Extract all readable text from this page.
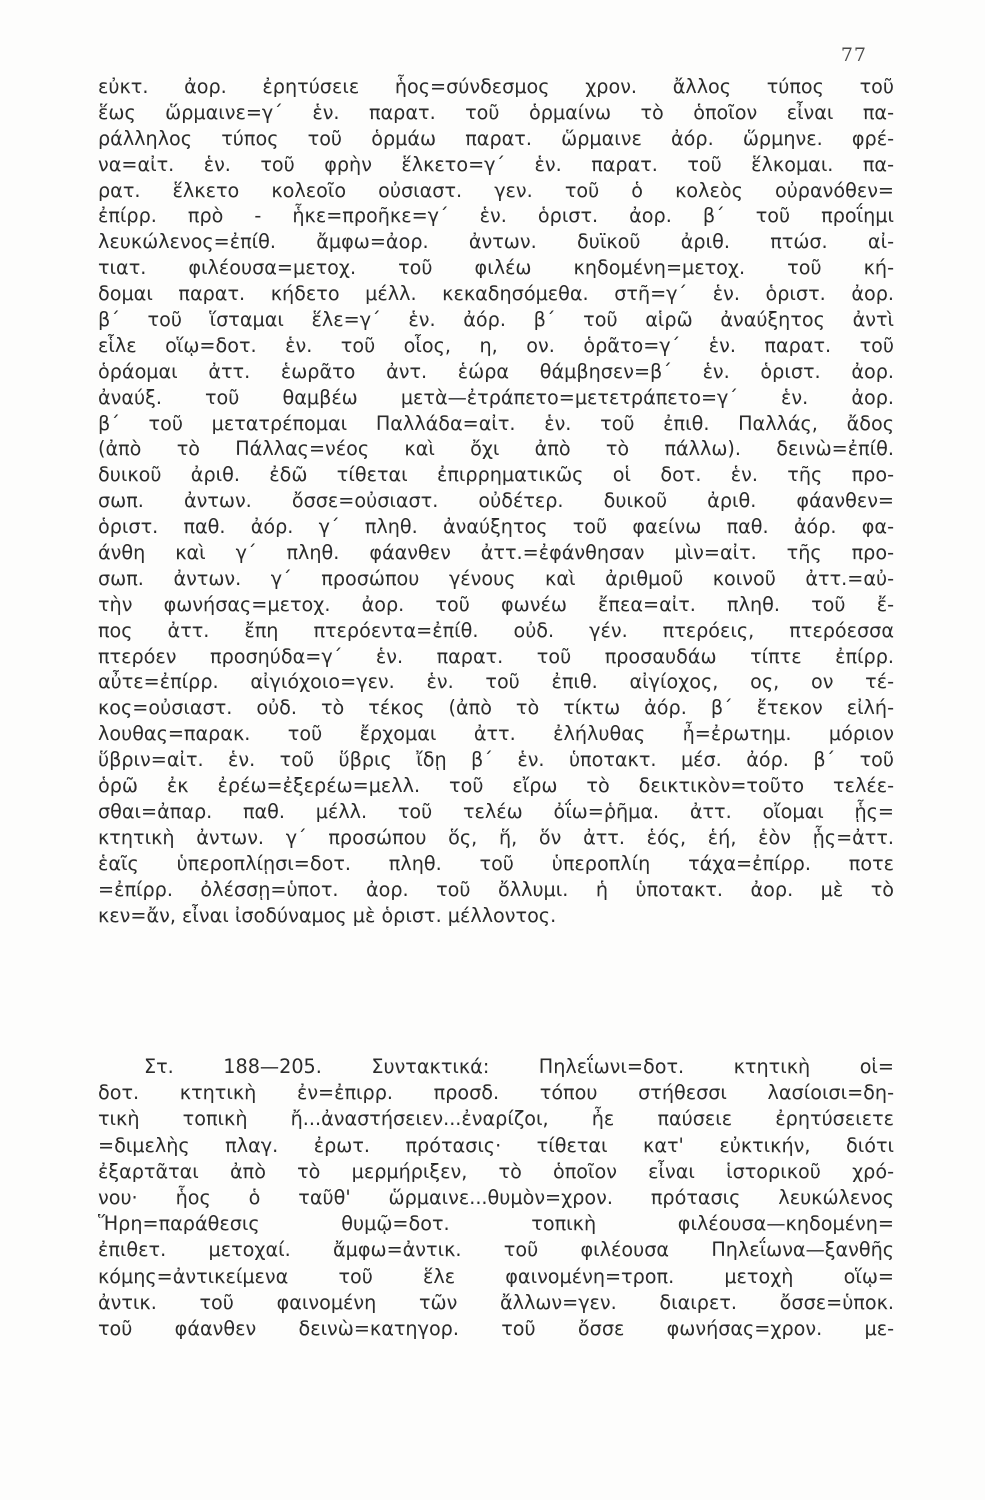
77
εὐκτ. ἀορ. ἐρητύσειε ἧος=σύνδεσμος χρον. ἄλλος τύπος τοῦ
ἕως ὥρμαινε=γ΄ ἑν. παρατ. τοῦ ὁρμαίνω τὸ ὁποῖον εἶναι πα-
ράλληλος τύπος τοῦ ὁρμάω παρατ. ὥρμαινε ἀόρ. ὥρμηνε. φρέ-
να=αἰτ. ἑν. τοῦ φρὴν ἕλκετο=γ΄ ἑν. παρατ. τοῦ ἕλκομαι. πα-
ρατ. ἕλκετο κολεοῖο οὐσιαστ. γεν. τοῦ ὁ κολεὸς οὐρανόθεν=
ἐπίρρ. πρὸ - ἧκε=προῆκε=γ΄ ἑν. ὁριστ. ἀορ. β΄ τοῦ προΐημι
λευκώλενος=ἐπίθ. ἄμφω=ἀορ. ἀντων. δυϊκοῦ ἀριθ. πτώσ. αἰ-
τιατ. φιλέουσα=μετοχ. τοῦ φιλέω κηδομένη=μετοχ. τοῦ κή-
δομαι παρατ. κήδετο μέλλ. κεκαδησόμεθα. στῆ=γ΄ ἑν. ὁριστ. ἀορ.
β΄ τοῦ ἵσταμαι ἕλε=γ΄ ἑν. ἀόρ. β΄ τοῦ αἱρῶ ἀναύξητος ἀντὶ
εἷλε οἵῳ=δοτ. ἑν. τοῦ οἷος, η, ον. ὁρᾶτο=γ΄ ἑν. παρατ. τοῦ
ὁράομαι ἀττ. ἑωρᾶτο ἀντ. ἑώρα θάμβησεν=β΄ ἑν. ὁριστ. ἀορ.
ἀναύξ. τοῦ θαμβέω μετὰ—ἐτράπετο=μετετράπετο=γ΄ ἑν. ἀορ.
β΄ τοῦ μετατρέπομαι Παλλάδα=αἰτ. ἑν. τοῦ ἐπιθ. Παλλάς, ἄδος
(ἀπὸ τὸ Πάλλας=νέος καὶ ὄχι ἀπὸ τὸ πάλλω). δεινὼ=ἐπίθ.
δυικοῦ ἀριθ. ἐδῶ τίθεται ἐπιρρηματικῶς οἱ δοτ. ἑν. τῆς προ-
σωπ. ἀντων. ὄσσε=οὐσιαστ. οὐδέτερ. δυικοῦ ἀριθ. φάανθεν=
ὁριστ. παθ. ἀόρ. γ΄ πληθ. ἀναύξητος τοῦ φαείνω παθ. ἀόρ. φα-
άνθη καὶ γ΄ πληθ. φάανθεν ἀττ.=ἐφάνθησαν μὶν=αἰτ. τῆς προ-
σωπ. ἀντων. γ΄ προσώπου γένους καὶ ἀριθμοῦ κοινοῦ ἀττ.=αὐ-
τὴν φωνήσας=μετοχ. ἀορ. τοῦ φωνέω ἔπεα=αἰτ. πληθ. τοῦ ἔ-
πος ἀττ. ἔπη πτερόεντα=ἐπίθ. οὐδ. γέν. πτερόεις, πτερόεσσα
πτερόεν προσηύδα=γ΄ ἑν. παρατ. τοῦ προσαυδάω τίπτε ἐπίρρ.
αὖτε=ἐπίρρ. αἰγιόχοιο=γεν. ἑν. τοῦ ἐπιθ. αἰγίοχος, ος, ον τέ-
κος=οὐσιαστ. οὐδ. τὸ τέκος (ἀπὸ τὸ τίκτω ἀόρ. β΄ ἔτεκον εἰλή-
λουθας=παρακ. τοῦ ἔρχομαι ἀττ. ἐλήλυθας ἦ=ἐρωτημ. μόριον
ὕβριν=αἰτ. ἑν. τοῦ ὕβρις ἴδῃ β΄ ἑν. ὑποτακτ. μέσ. ἀόρ. β΄ τοῦ
ὁρῶ ἐκ ἐρέω=ἐξερέω=μελλ. τοῦ εἴρω τὸ δεικτικὸν=τοῦτο τελέε-
σθαι=ἀπαρ. παθ. μέλλ. τοῦ τελέω ὀΐω=ῥῆμα. ἀττ. οἴομαι ᾗς=
κτητικὴ ἀντων. γ΄ προσώπου ὅς, ἥ, ὅν ἀττ. ἑός, ἑή, ἑὸν ᾗς=ἀττ.
ἑαῖς ὑπεροπλίῃσι=δοτ. πληθ. τοῦ ὑπεροπλίη τάχα=ἐπίρρ. ποτε
=ἐπίρρ. ὀλέσσῃ=ὑποτ. ἀορ. τοῦ ὄλλυμι. ἡ ὑποτακτ. ἀορ. μὲ τὸ
κεν=ἄν, εἶναι ἰσοδύναμος μὲ ὁριστ. μέλλοντος.
Στ. 188—205. Συντακτικά: Πηλεΐωνι=δοτ. κτητικὴ οἱ=
δοτ. κτητικὴ ἐν=ἐπιρρ. προσδ. τόπου στήθεσσι λασίοισι=δη-
τικὴ τοπικὴ ἤ...ἀναστήσειεν...ἐναρίζοι, ἦε παύσειε ἐρητύσειετε
=διμελὴς πλαγ. ἐρωτ. πρότασις· τίθεται κατ' εὐκτικήν, διότι
ἐξαρτᾶται ἀπὸ τὸ μερμήριξεν, τὸ ὁποῖον εἶναι ἱστορικοῦ χρό-
νου· ἧος ὁ ταῦθ' ὥρμαινε...θυμὸν=χρον. πρότασις λευκώλενος
Ἥρη=παράθεσις θυμῷ=δοτ. τοπικὴ φιλέουσα—κηδομένη=
ἐπιθετ. μετοχαί. ἄμφω=ἀντικ. τοῦ φιλέουσα Πηλεΐωνα—ξανθῆς
κόμης=ἀντικείμενα τοῦ ἕλε φαινομένη=τροπ. μετοχὴ οἵῳ=
ἀντικ. τοῦ φαινομένη τῶν ἄλλων=γεν. διαιρετ. ὄσσε=ὑποκ.
τοῦ φάανθεν δεινὼ=κατηγορ. τοῦ ὄσσε φωνήσας=χρον. με-
